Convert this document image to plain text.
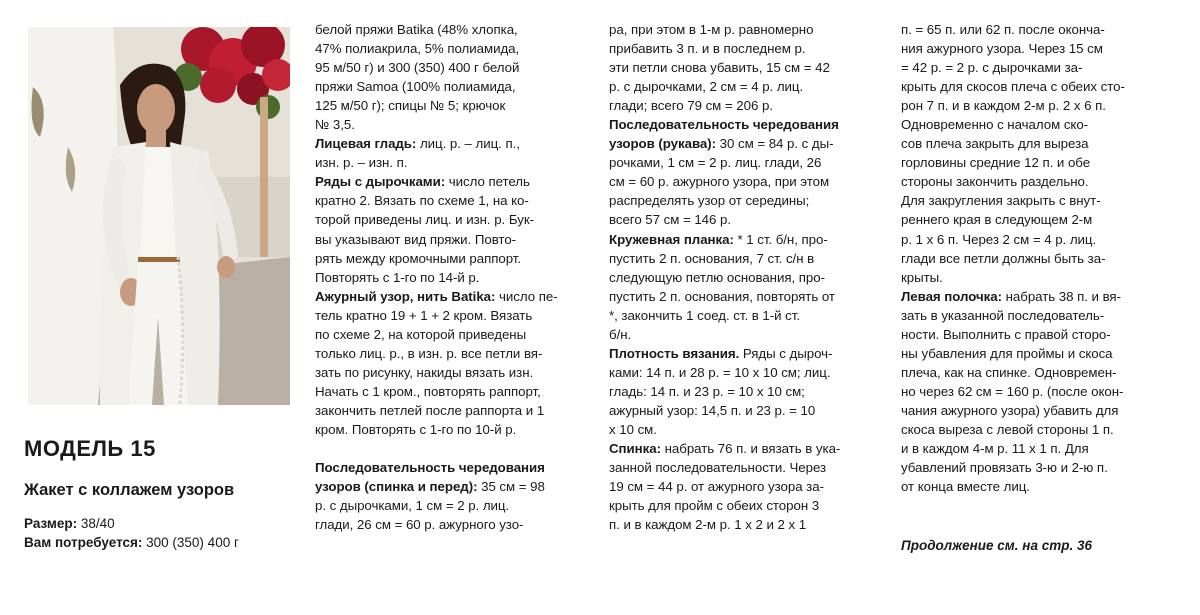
МОДЕЛЬ 15
Жакет с коллажем узоров
Размер: 38/40
Вам потребуется: 300 (350) 400 г
белой пряжи Batika (48% хлопка,
47% полиакрила, 5% полиамида,
95 м/50 г) и 300 (350) 400 г белой
пряжи Samoa (100% полиамида,
125 м/50 г); спицы № 5; крючок
№ 3,5.
Лицевая гладь: лиц. р. – лиц. п.,
изн. р. – изн. п.
Ряды с дырочками: число петель
кратно 2. Вязать по схеме 1, на ко-
торой приведены лиц. и изн. р. Бук-
вы указывают вид пряжи. Повто-
рять между кромочными раппорт.
Повторять с 1-го по 14-й р.
Ажурный узор, нить Batika: число пе-
тель кратно 19 + 1 + 2 кром. Вязать
по схеме 2, на которой приведены
только лиц. р., в изн. р. все петли вя-
зать по рисунку, накиды вязать изн.
Начать с 1 кром., повторять раппорт,
закончить петлей после раппорта и 1
кром. Повторять с 1-го по 10-й р.
Последовательность чередования
узоров (спинка и перед): 35 см = 98
р. с дырочками, 1 см = 2 р. лиц.
глади, 26 см = 60 р. ажурного узо-
ра, при этом в 1-м р. равномерно
прибавить 3 п. и в последнем р.
эти петли снова убавить, 15 см = 42
р. с дырочками, 2 см = 4 р. лиц.
глади; всего 79 см = 206 р.
Последовательность чередования
узоров (рукава): 30 см = 84 р. с ды-
рочками, 1 см = 2 р. лиц. глади, 26
см = 60 р. ажурного узора, при этом
распределять узор от середины;
всего 57 см = 146 р.
Кружевная планка: * 1 ст. б/н, про-
пустить 2 п. основания, 7 ст. с/н в
следующую петлю основания, про-
пустить 2 п. основания, повторять от
*, закончить 1 соед. ст. в 1-й ст.
б/н.
Плотность вязания. Ряды с дыроч-
ками: 14 п. и 28 р. = 10 х 10 см; лиц.
гладь: 14 п. и 23 р. = 10 х 10 см;
ажурный узор: 14,5 п. и 23 р. = 10
х 10 см.
Спинка: набрать 76 п. и вязать в ука-
занной последовательности. Через
19 см = 44 р. от ажурного узора за-
крыть для пройм с обеих сторон 3
п. и в каждом 2-м р. 1 х 2 и 2 х 1
п. = 65 п. или 62 п. после оконча-
ния ажурного узора. Через 15 см
= 42 р. = 2 р. с дырочками за-
крыть для скосов плеча с обеих сто-
рон 7 п. и в каждом 2-м р. 2 х 6 п.
Одновременно с началом ско-
сов плеча закрыть для выреза
горловины средние 12 п. и обе
стороны закончить раздельно.
Для закругления закрыть с внут-
реннего края в следующем 2-м
р. 1 х 6 п. Через 2 см = 4 р. лиц.
глади все петли должны быть за-
крыты.
Левая полочка: набрать 38 п. и вя-
зать в указанной последователь-
ности. Выполнить с правой сторо-
ны убавления для проймы и скоса
плеча, как на спинке. Одновремен-
но через 62 см = 160 р. (после окон-
чания ажурного узора) убавить для
скоса выреза с левой стороны 1 п.
и в каждом 4-м р. 11 х 1 п. Для
убавлений провязать 3-ю и 2-ю п.
от конца вместе лиц.
Продолжение см. на стр. 36
